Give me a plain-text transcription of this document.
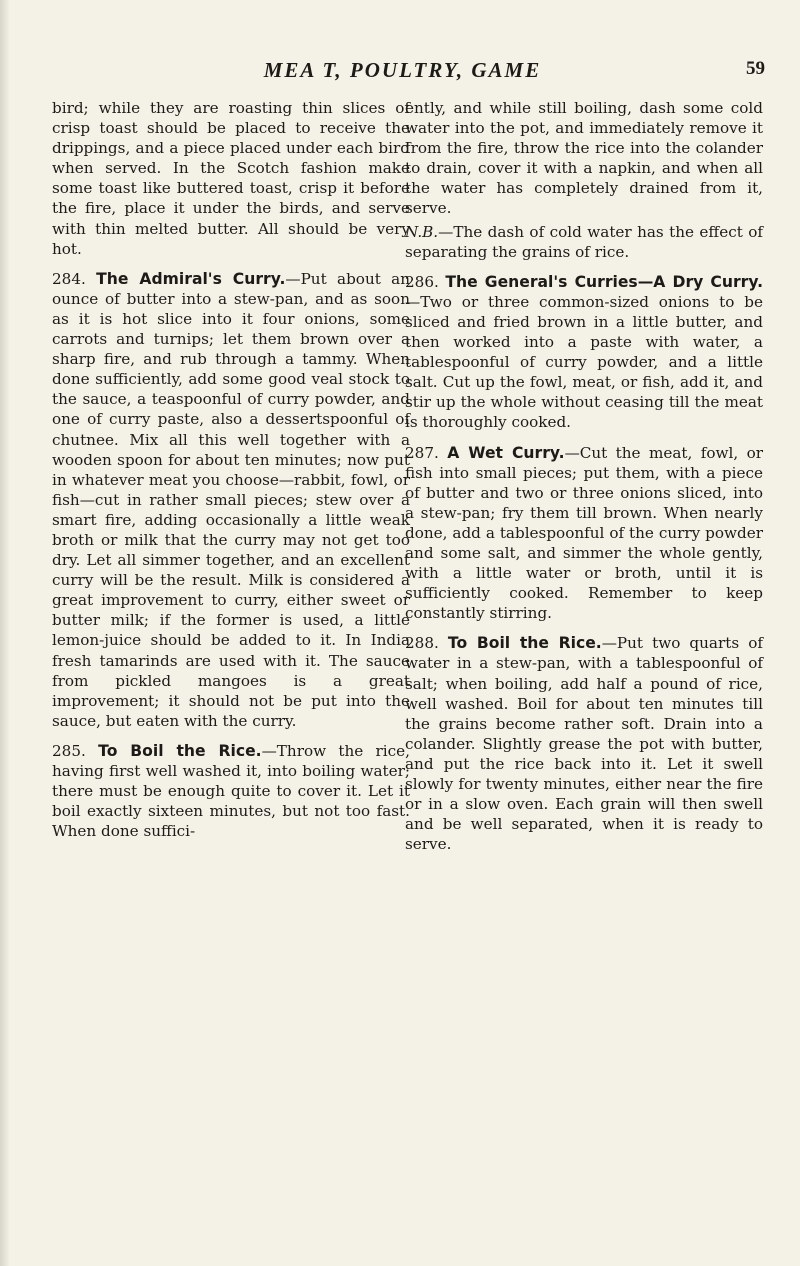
MEA T, POULTRY, GAME	59

bird; while they are roasting thin slices of crisp toast should be placed to receive the drippings, and a piece placed under each bird when served. In the Scotch fashion make some toast like buttered toast, crisp it before the fire, place it under the birds, and serve with thin melted butter. All should be very hot.

284. The Admiral's Curry.—Put about an ounce of butter into a stew-pan, and as soon as it is hot slice into it four onions, some carrots and turnips; let them brown over a sharp fire, and rub through a tammy. When done sufficiently, add some good veal stock to the sauce, a teaspoonful of curry powder, and one of curry paste, also a dessertspoonful of chutnee. Mix all this well together with a wooden spoon for about ten minutes; now put in whatever meat you choose—rabbit, fowl, or fish—cut in rather small pieces; stew over a smart fire, adding occasionally a little weak broth or milk that the curry may not get too dry. Let all simmer together, and an excellent curry will be the result. Milk is considered a great improvement to curry, either sweet or butter milk; if the former is used, a little lemon-juice should be added to it. In India fresh tamarinds are used with it. The sauce from pickled mangoes is a great improvement; it should not be put into the sauce, but eaten with the curry.

285. To Boil the Rice.—Throw the rice, having first well washed it, into boiling water; there must be enough quite to cover it. Let it boil exactly sixteen minutes, but not too fast. When done suffici-

ently, and while still boiling, dash some cold water into the pot, and immediately remove it from the fire, throw the rice into the colander to drain, cover it with a napkin, and when all the water has completely drained from it, serve.

N.B.—The dash of cold water has the effect of separating the grains of rice.

286. The General's Curries—A Dry Curry.—Two or three common-sized onions to be sliced and fried brown in a little butter, and then worked into a paste with water, a tablespoonful of curry powder, and a little salt. Cut up the fowl, meat, or fish, add it, and stir up the whole without ceasing till the meat is thoroughly cooked.

287. A Wet Curry.—Cut the meat, fowl, or fish into small pieces; put them, with a piece of butter and two or three onions sliced, into a stew-pan; fry them till brown. When nearly done, add a tablespoonful of the curry powder and some salt, and simmer the whole gently, with a little water or broth, until it is sufficiently cooked. Remember to keep constantly stirring.

288. To Boil the Rice.—Put two quarts of water in a stew-pan, with a tablespoonful of salt; when boiling, add half a pound of rice, well washed. Boil for about ten minutes till the grains become rather soft. Drain into a colander. Slightly grease the pot with butter, and put the rice back into it. Let it swell slowly for twenty minutes, either near the fire or in a slow oven. Each grain will then swell and be well separated, when it is ready to serve.
